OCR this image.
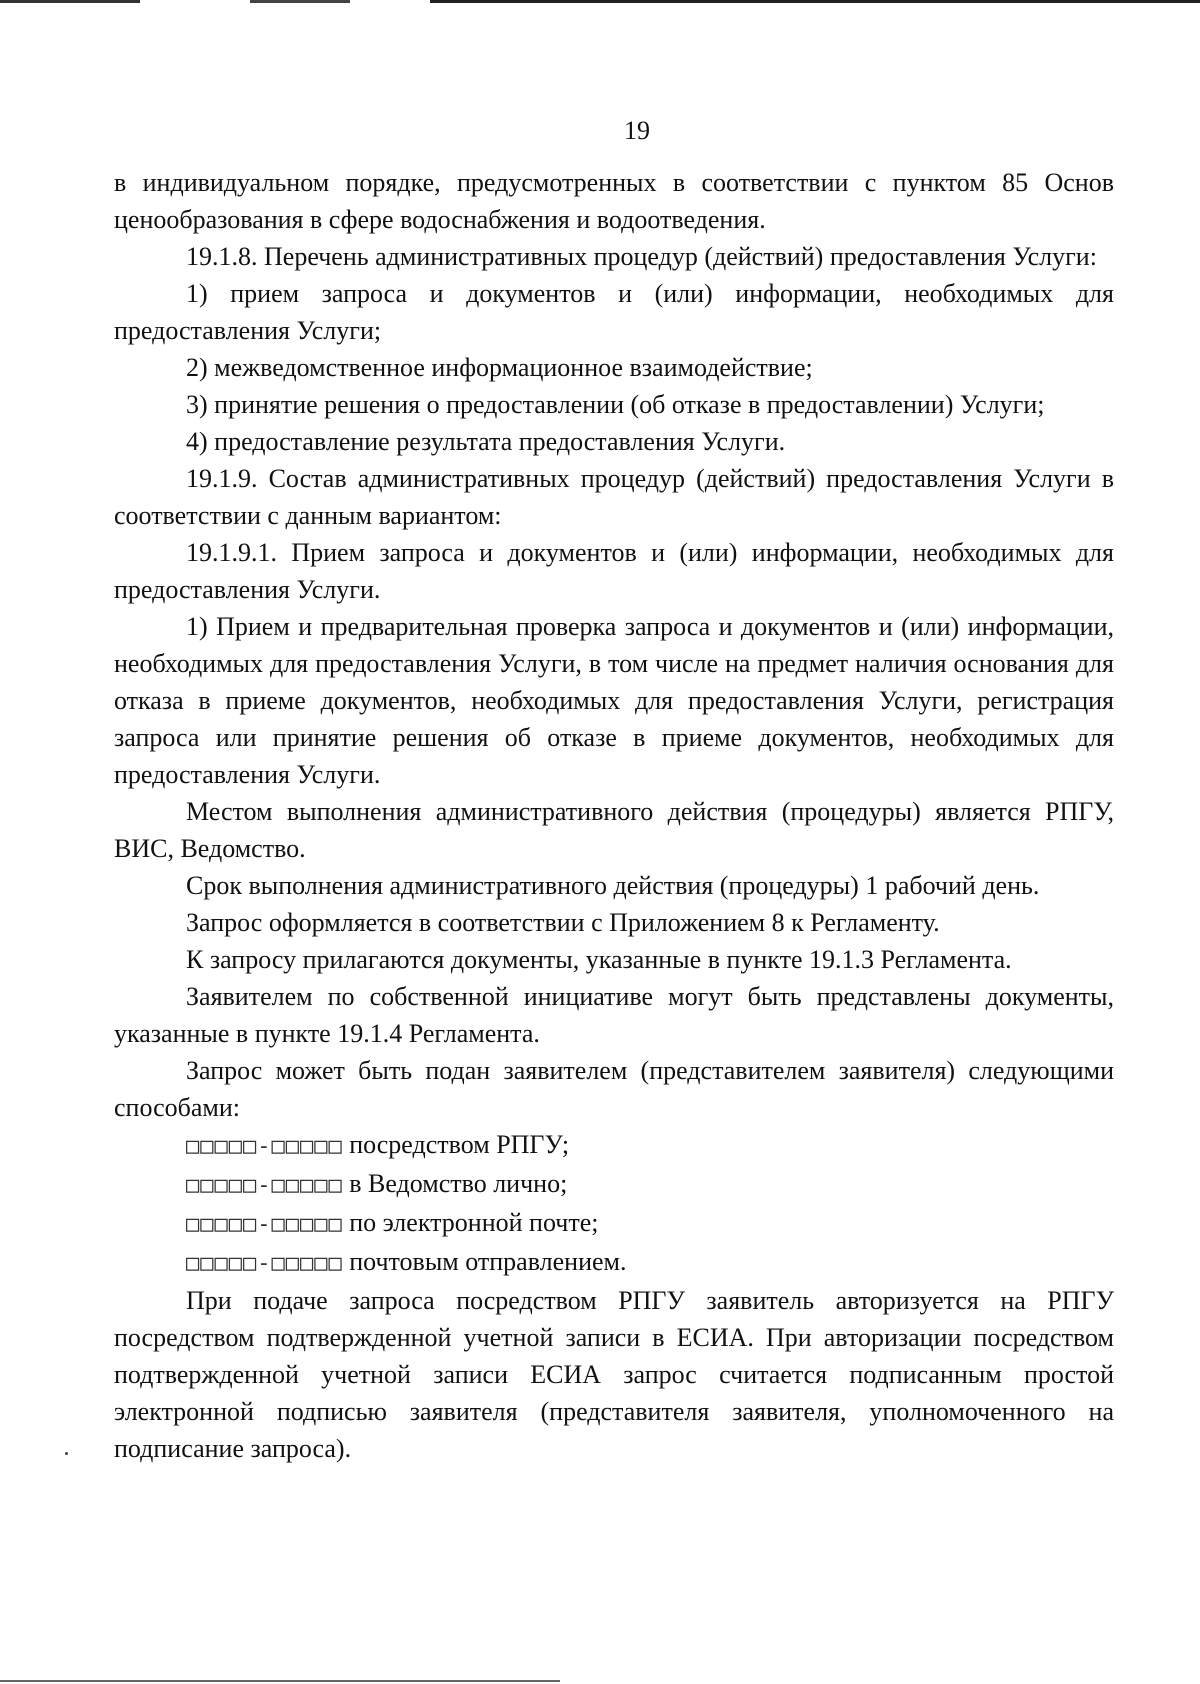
19

в индивидуальном порядке, предусмотренных в соответствии с пунктом 85 Основ ценообразования в сфере водоснабжения и водоотведения.

19.1.8. Перечень административных процедур (действий) предоставления Услуги:

1) прием запроса и документов и (или) информации, необходимых для предоставления Услуги;

2) межведомственное информационное взаимодействие;

3) принятие решения о предоставлении (об отказе в предоставлении) Услуги;

4) предоставление результата предоставления Услуги.

19.1.9. Состав административных процедур (действий) предоставления Услуги в соответствии с данным вариантом:

19.1.9.1. Прием запроса и документов и (или) информации, необходимых для предоставления Услуги.

1) Прием и предварительная проверка запроса и документов и (или) информации, необходимых для предоставления Услуги, в том числе на предмет наличия основания для отказа в приеме документов, необходимых для предоставления Услуги, регистрация запроса или принятие решения об отказе в приеме документов, необходимых для предоставления Услуги.

Местом выполнения административного действия (процедуры) является РПГУ, ВИС, Ведомство.

Срок выполнения административного действия (процедуры) 1 рабочий день.

Запрос оформляется в соответствии с Приложением 8 к Регламенту.

К запросу прилагаются документы, указанные в пункте 19.1.3 Регламента.

Заявителем по собственной инициативе могут быть представлены документы, указанные в пункте 19.1.4 Регламента.

Запрос может быть подан заявителем (представителем заявителя) следующими способами:

□□□□□-□□□□□ посредством РПГУ;
□□□□□-□□□□□ в Ведомство лично;
□□□□□-□□□□□ по электронной почте;
□□□□□-□□□□□ почтовым отправлением.

При подаче запроса посредством РПГУ заявитель авторизуется на РПГУ посредством подтвержденной учетной записи в ЕСИА. При авторизации посредством подтвержденной учетной записи ЕСИА запрос считается подписанным простой электронной подписью заявителя (представителя заявителя, уполномоченного на подписание запроса).
